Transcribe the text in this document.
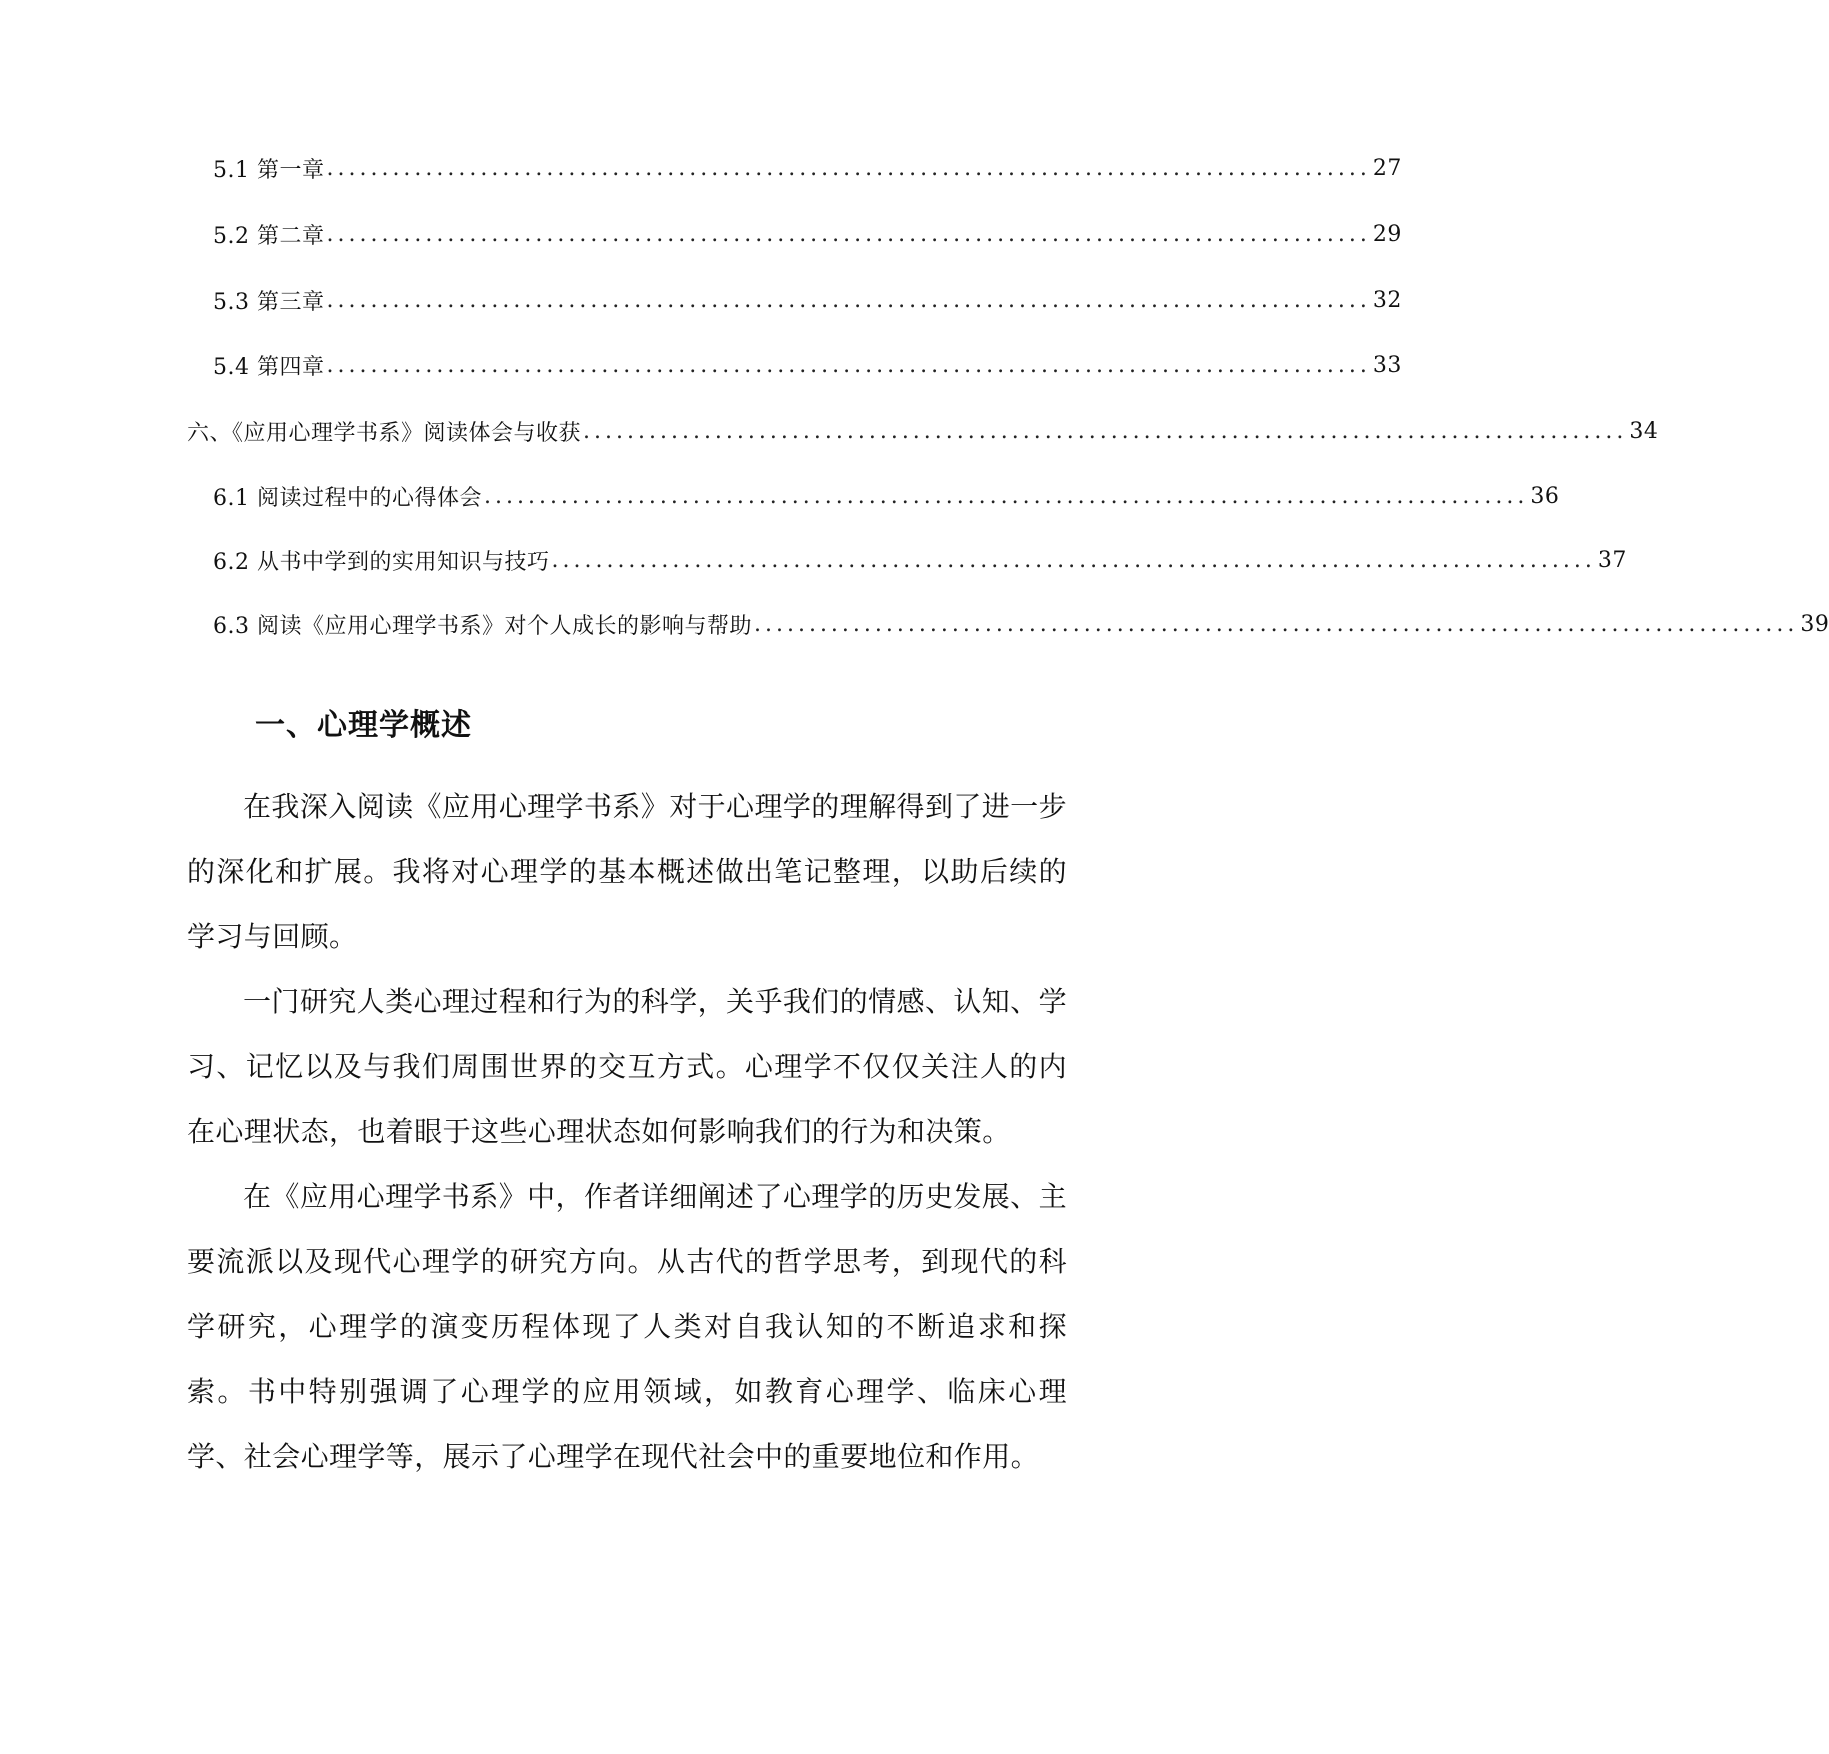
5.1 第一章 ............................................................................................... 27
5.2 第二章 ............................................................................................... 29
5.3 第三章 ............................................................................................... 32
5.4 第四章 ............................................................................................... 33
六、《应用心理学书系》阅读体会与收获 ............................................................................................... 34
6.1 阅读过程中的心得体会 ............................................................................................... 36
6.2 从书中学到的实用知识与技巧 ............................................................................................... 37
6.3 阅读《应用心理学书系》对个人成长的影响与帮助 ............................................................................................... 39
一、心理学概述

在我深入阅读《应用心理学书系》对于心理学的理解得到了进一步的深化和扩展。我将对心理学的基本概述做出笔记整理，以助后续的学习与回顾。

一门研究人类心理过程和行为的科学，关乎我们的情感、认知、学习、记忆以及与我们周围世界的交互方式。心理学不仅仅关注人的内在心理状态，也着眼于这些心理状态如何影响我们的行为和决策。

在《应用心理学书系》中，作者详细阐述了心理学的历史发展、主要流派以及现代心理学的研究方向。从古代的哲学思考，到现代的科学研究，心理学的演变历程体现了人类对自我认知的不断追求和探索。书中特别强调了心理学的应用领域，如教育心理学、临床心理学、社会心理学等，展示了心理学在现代社会中的重要地位和作用。
